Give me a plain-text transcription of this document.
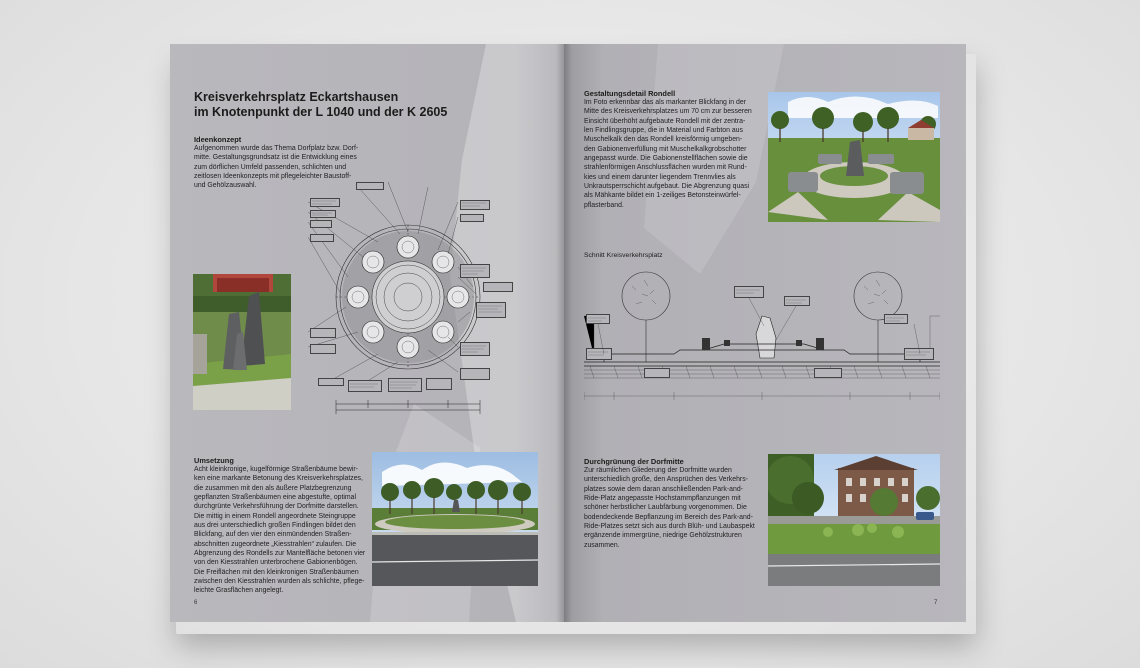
Kreisverkehrsplatz Eckartshausen
im Knotenpunkt der L 1040 und der K 2605
Ideenkonzept
Aufgenommen wurde das Thema Dorfplatz bzw. Dorf-
mitte. Gestaltungsgrundsatz ist die Entwicklung eines
zum dörflichen Umfeld passenden, schlichten und
zeitlosen Ideenkonzepts mit pflegeleichter Baustoff-
und Gehölzauswahl.
Umsetzung
Acht kleinkronige, kugelförmige Straßenbäume bewir-
ken eine markante Betonung des Kreisverkehrsplatzes,
die zusammen mit den als äußere Platzbegrenzung
gepflanzten Straßenbäumen eine abgestufte, optimal
durchgrünte Verkehrsführung der Dorfmitte darstellen.
Die mittig in einem Rondell angeordnete Steingruppe
aus drei unterschiedlich großen Findlingen bildet den
Blickfang, auf den vier den einmündenden Straßen-
abschnitten zugeordnete „Kiesstrahlen“ zulaufen. Die
Abgrenzung des Rondells zur Mantelfläche betonen vier
von den Kiesstrahlen unterbrochene Gabionenbögen.
Die Freiflächen mit den kleinkronigen Straßenbäumen
zwischen den Kiesstrahlen wurden als schlichte, pflege-
leichte Grasflächen angelegt.
6
Gestaltungsdetail Rondell
Im Foto erkennbar das als markanter Blickfang in der
Mitte des Kreisverkehrsplatzes um 70 cm zur besseren
Einsicht überhöht aufgebaute Rondell mit der zentra-
len Findlingsgruppe, die in Material und Farbton aus
Muschelkalk den das Rondell kreisförmig umgeben-
den Gabionenverfüllung mit Muschelkalkgrobschotter
angepasst wurde. Die Gabionenstellflächen sowie die
strahlenförmigen Anschlussflächen wurden mit Rund-
kies und einem darunter liegendem Trennvlies als
Unkrautsperrschicht aufgebaut. Die Abgrenzung quasi
als Mähkante bildet ein 1-zeiliges Betonsteinwürfel-
pflasterband.
Schnitt Kreisverkehrsplatz
Durchgrünung der Dorfmitte
Zur räumlichen Gliederung der Dorfmitte wurden
unterschiedlich große, den Ansprüchen des Verkehrs-
platzes sowie dem daran anschließenden Park-and-
Ride-Platz angepasste Hochstammpflanzungen mit
schöner herbstlicher Laubfärbung vorgenommen. Die
bodendeckende Bepflanzung im Bereich des Park-and-
Ride-Platzes setzt sich aus durch Blüh- und Laubaspekt
ergänzende immergrüne, niedrige Gehölzstrukturen
zusammen.
7
